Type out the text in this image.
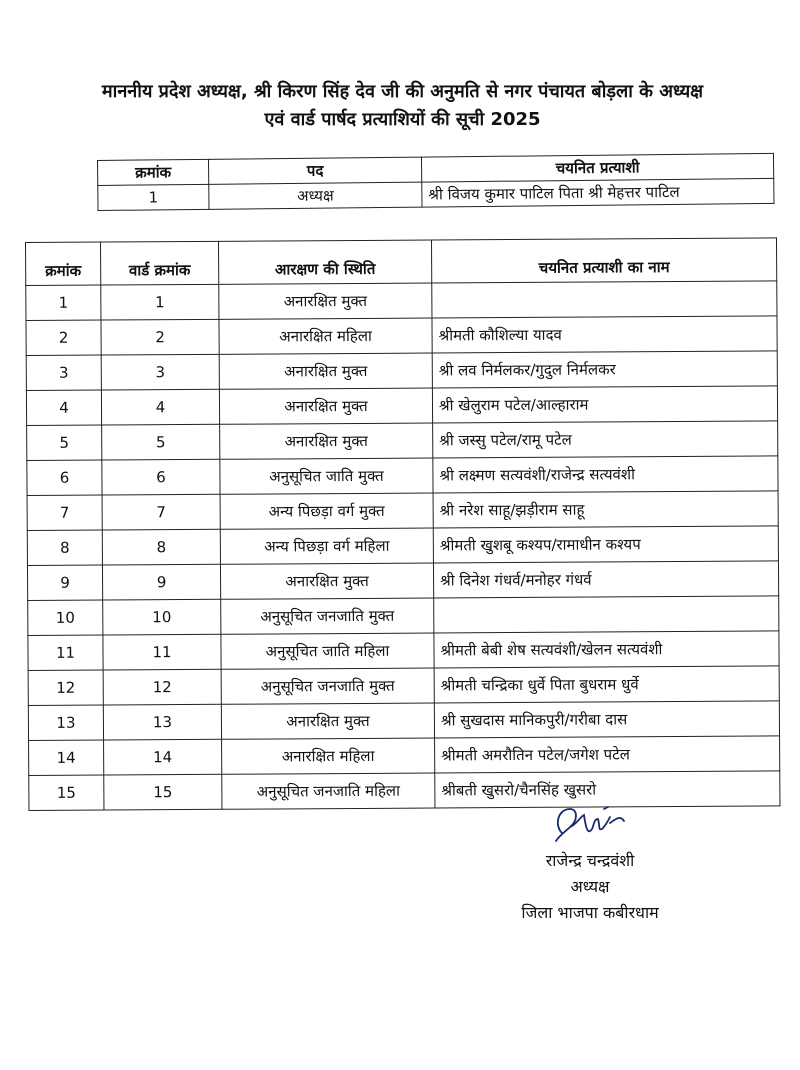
माननीय प्रदेश अध्यक्ष, श्री किरण सिंह देव जी की अनुमति से नगर पंचायत बोड़ला के अध्यक्ष
एवं वार्ड पार्षद प्रत्याशियों की सूची 2025
क्रमांक	पद	चयनित प्रत्याशी
1	अध्यक्ष	श्री विजय कुमार पाटिल पिता श्री मेहत्तर पाटिल
क्रमांक	वार्ड क्रमांक	आरक्षण की स्थिति	चयनित प्रत्याशी का नाम
1	1	अनारक्षित मुक्त	
2	2	अनारक्षित महिला	श्रीमती कौशिल्या यादव
3	3	अनारक्षित मुक्त	श्री लव निर्मलकर/गुदुल निर्मलकर
4	4	अनारक्षित मुक्त	श्री खेलुराम पटेल/आल्हाराम
5	5	अनारक्षित मुक्त	श्री जस्सु पटेल/रामू पटेल
6	6	अनुसूचित जाति मुक्त	श्री लक्ष्मण सत्यवंशी/राजेन्द्र सत्यवंशी
7	7	अन्य पिछड़ा वर्ग मुक्त	श्री नरेश साहू/झड़ीराम साहू
8	8	अन्य पिछड़ा वर्ग महिला	श्रीमती खुशबू कश्यप/रामाधीन कश्यप
9	9	अनारक्षित मुक्त	श्री दिनेश गंधर्व/मनोहर गंधर्व
10	10	अनुसूचित जनजाति मुक्त	
11	11	अनुसूचित जाति महिला	श्रीमती बेबी शेष सत्यवंशी/खेलन सत्यवंशी
12	12	अनुसूचित जनजाति मुक्त	श्रीमती चन्द्रिका धुर्वे पिता बुधराम धुर्वे
13	13	अनारक्षित मुक्त	श्री सुखदास मानिकपुरी/गरीबा दास
14	14	अनारक्षित महिला	श्रीमती अमरौतिन पटेल/जगेश पटेल
15	15	अनुसूचित जनजाति महिला	श्रीबती खुसरो/चैनसिंह खुसरो
राजेन्द्र चन्द्रवंशी
अध्यक्ष
जिला भाजपा कबीरधाम
